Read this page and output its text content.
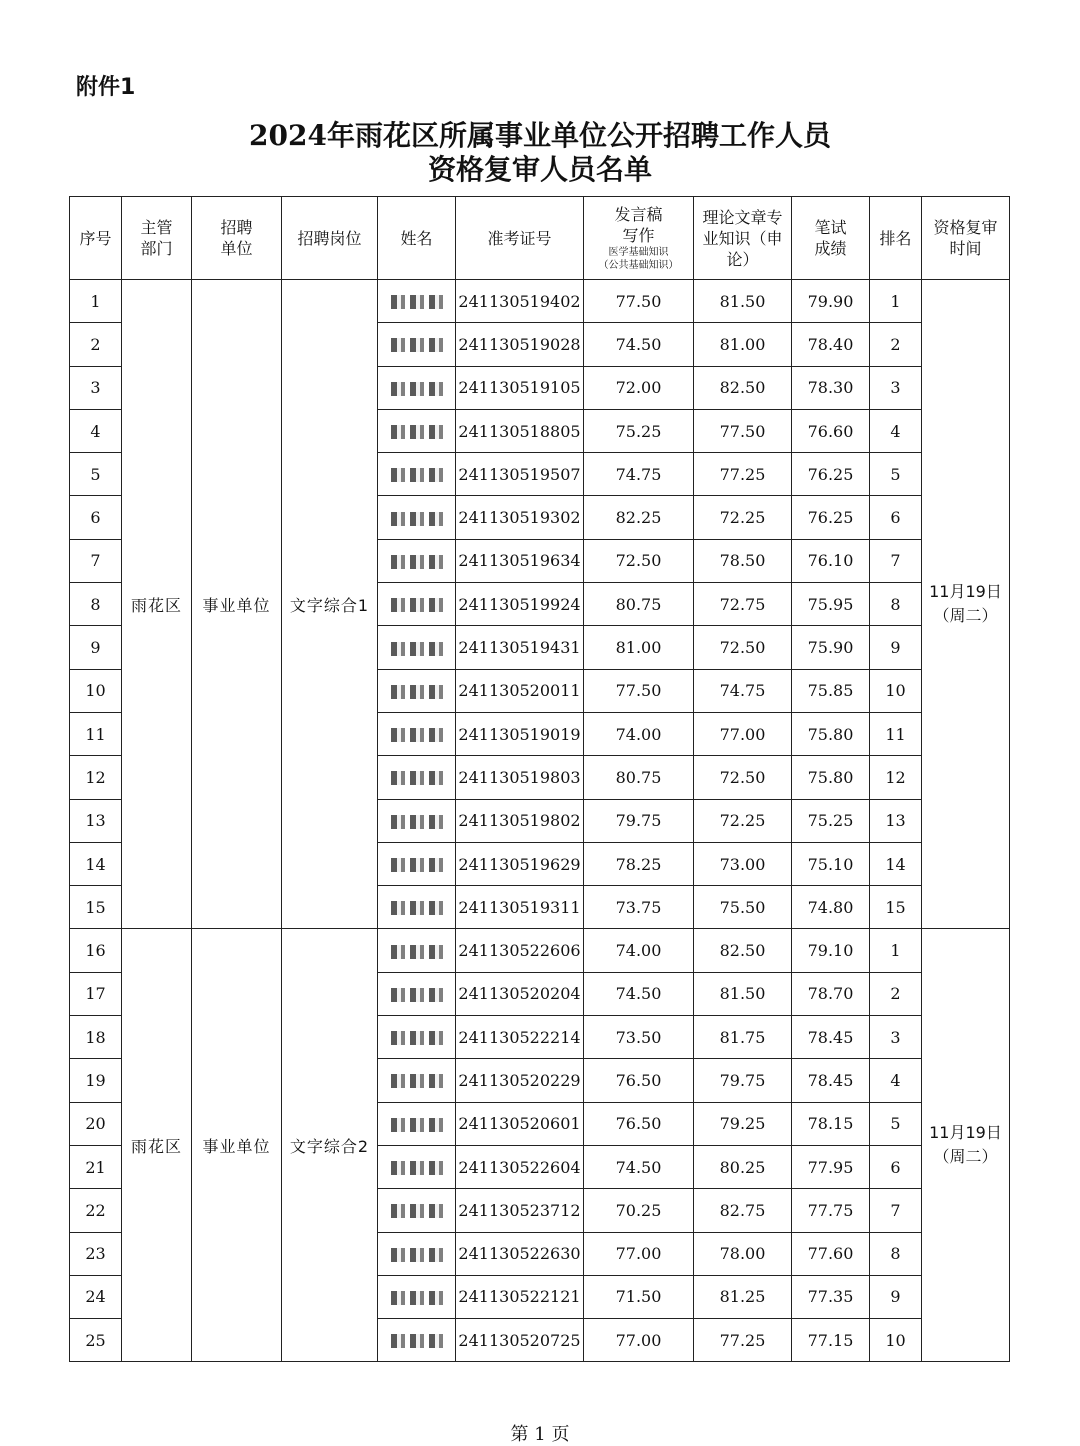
附件1
2024年雨花区所属事业单位公开招聘工作人员
资格复审人员名单
序号	主管部门	招聘单位	招聘岗位	姓名	准考证号	发言稿写作
医学基础知识
（公共基础知识）	理论文章专业知识（申论）	笔试成绩	排名	资格复审时间

1	雨花区	事业单位	文字综合1		241130519402	77.50	81.50	79.90	1	11月19日
（周二）

2					241130519028	74.50	81.00	78.40	2	
3					241130519105	72.00	82.50	78.30	3	
4					241130518805	75.25	77.50	76.60	4	
5					241130519507	74.75	77.25	76.25	5	
6					241130519302	82.25	72.25	76.25	6	
7					241130519634	72.50	78.50	76.10	7	
8					241130519924	80.75	72.75	75.95	8	
9					241130519431	81.00	72.50	75.90	9	
10					241130520011	77.50	74.75	75.85	10	
11					241130519019	74.00	77.00	75.80	11	
12					241130519803	80.75	72.50	75.80	12	
13					241130519802	79.75	72.25	75.25	13	
14					241130519629	78.25	73.00	75.10	14	
15					241130519311	73.75	75.50	74.80	15	
16	雨花区	事业单位	文字综合2		241130522606	74.00	82.50	79.10	1	11月19日
（周二）

17					241130520204	74.50	81.50	78.70	2	
18					241130522214	73.50	81.75	78.45	3	
19					241130520229	76.50	79.75	78.45	4	
20					241130520601	76.50	79.25	78.15	5	
21					241130522604	74.50	80.25	77.95	6	
22					241130523712	70.25	82.75	77.75	7	
23					241130522630	77.00	78.00	77.60	8	
24					241130522121	71.50	81.25	77.35	9	
25					241130520725	77.00	77.25	77.15	10	
第 1 页
